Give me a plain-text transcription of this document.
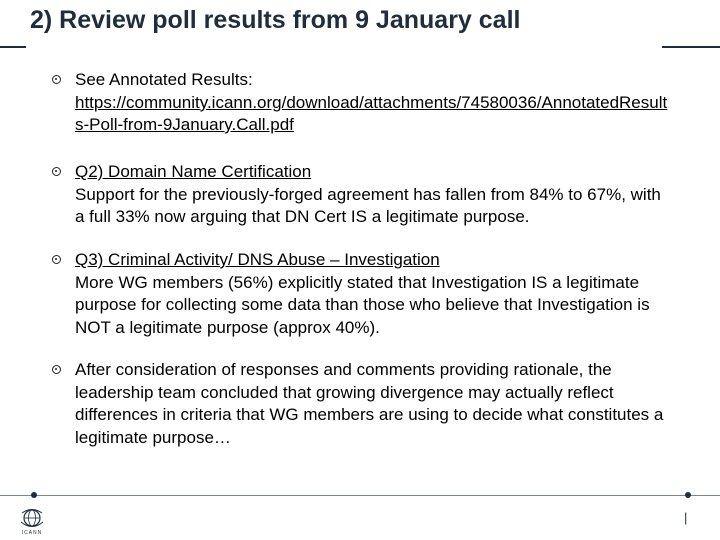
2) Review poll results from 9 January call
See Annotated Results:
https://community.icann.org/download/attachments/74580036/AnnotatedResults-Poll-from-9January.Call.pdf
Q2) Domain Name Certification
Support for the previously-forged agreement has fallen from 84% to 67%, with a full 33% now arguing that DN Cert IS a legitimate purpose.
Q3) Criminal Activity/ DNS Abuse – Investigation
More WG members (56%) explicitly stated that Investigation IS a legitimate purpose for collecting some data than those who believe that Investigation is NOT a legitimate purpose (approx 40%).
After consideration of responses and comments providing rationale, the leadership team concluded that growing divergence may actually reflect differences in criteria that WG members are using to decide what constitutes a legitimate purpose…
ICANN
|
